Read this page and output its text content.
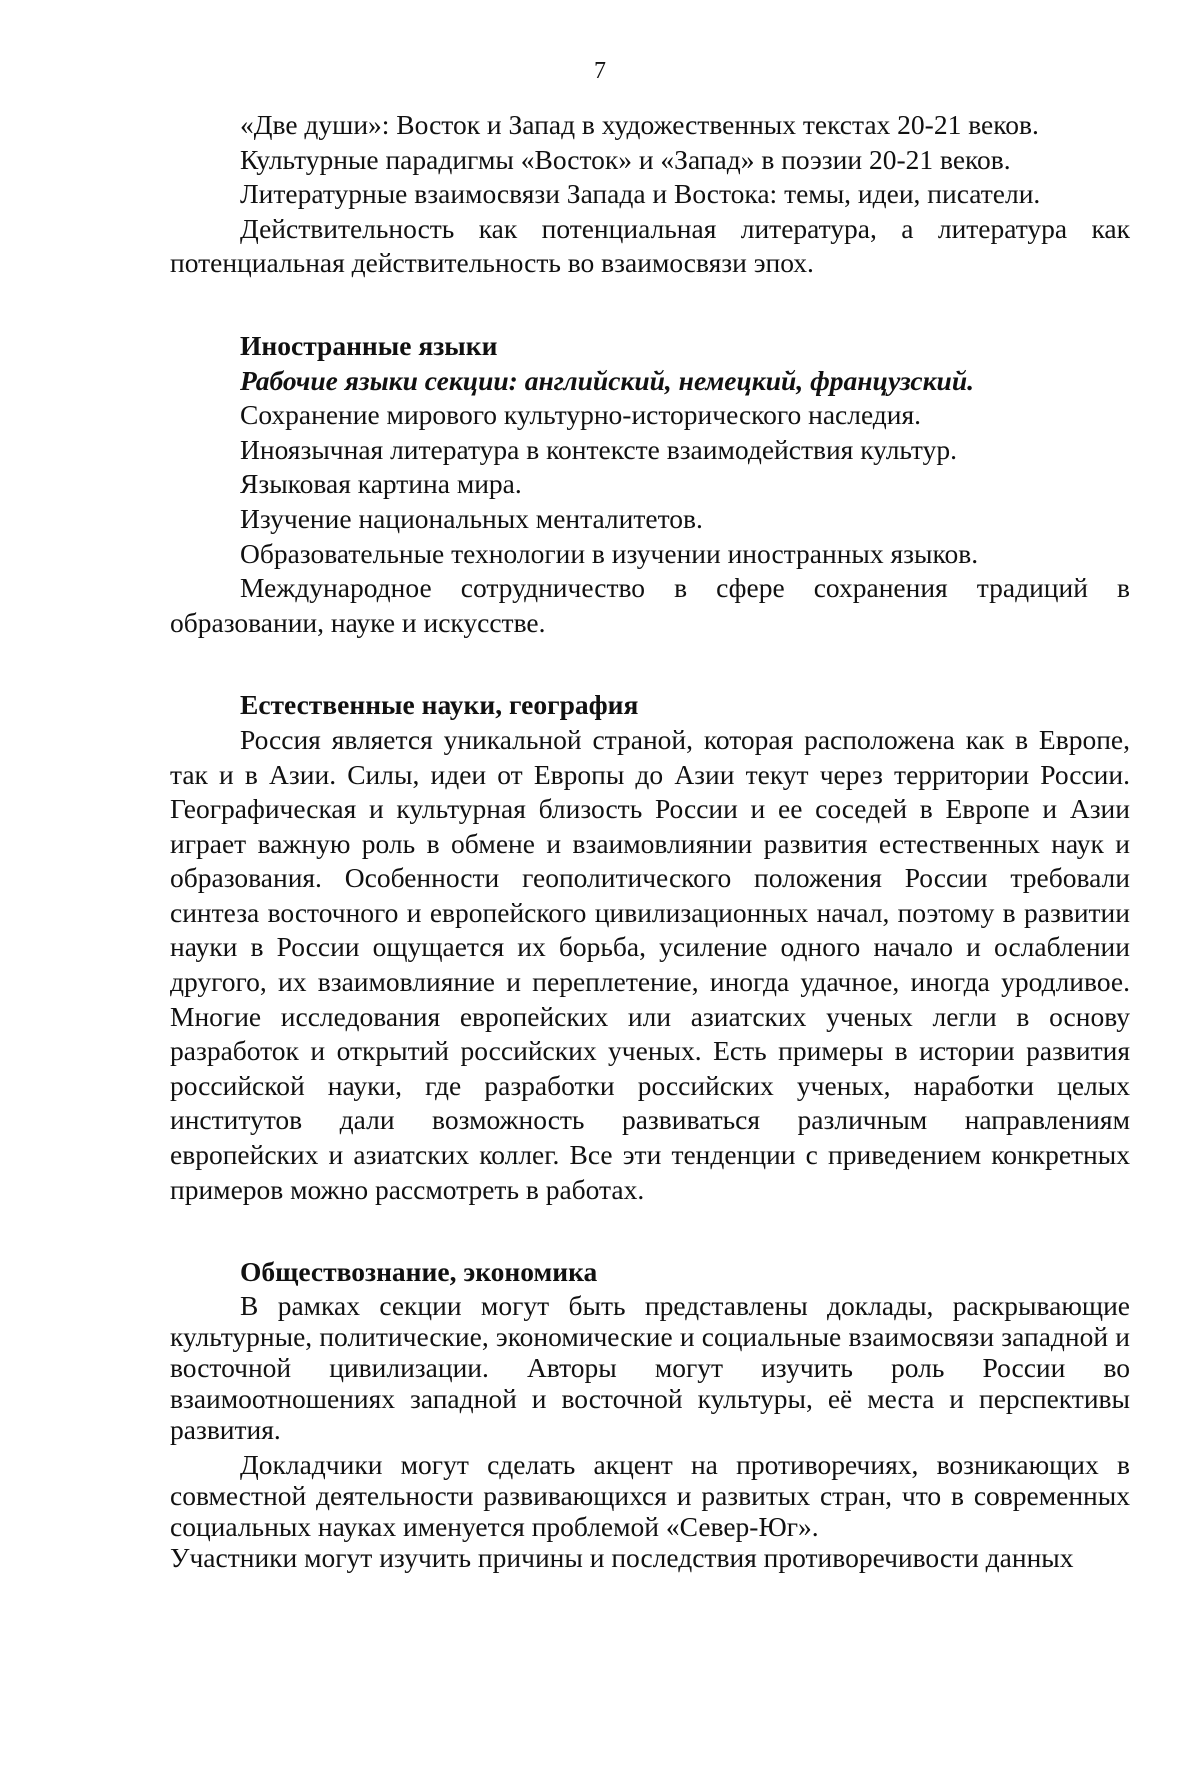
7
«Две души»: Восток и Запад в художественных текстах 20-21 веков.
Культурные парадигмы «Восток» и «Запад» в поэзии 20-21 веков.
Литературные взаимосвязи Запада и Востока: темы, идеи, писатели.

Действительность как потенциальная литература, а литература как потенциальная действительность во взаимосвязи эпох.

Иностранные языки
Рабочие языки секции: английский, немецкий, французский.
Сохранение мирового культурно-исторического наследия.
Иноязычная литература в контексте взаимодействия культур.
Языковая картина мира.
Изучение национальных менталитетов.
Образовательные технологии в изучении иностранных языков.

Международное сотрудничество в сфере сохранения традиций в образовании, науке и искусстве.

Естественные науки, география

Россия является уникальной страной, которая расположена как в Европе, так и в Азии. Силы, идеи от Европы до Азии текут через территории России. Географическая и культурная близость России и ее соседей в Европе и Азии играет важную роль в обмене и взаимовлиянии развития естественных наук и образования. Особенности геополитического положения России требовали синтеза восточного и европейского цивилизационных начал, поэтому в развитии науки в России ощущается их борьба, усиление одного начало и ослаблении другого, их взаимовлияние и переплетение, иногда удачное, иногда уродливое. Многие исследования европейских или азиатских ученых легли в основу разработок и открытий российских ученых. Есть примеры в истории развития российской науки, где разработки российских ученых, наработки целых институтов дали возможность развиваться различным направлениям европейских и азиатских коллег. Все эти тенденции с приведением конкретных примеров можно рассмотреть в работах.

Обществознание, экономика

В рамках секции могут быть представлены доклады, раскрывающие культурные, политические, экономические и социальные взаимосвязи западной и восточной цивилизации. Авторы могут изучить роль России во взаимоотношениях западной и восточной культуры, её места и перспективы развития.

Докладчики могут сделать акцент на противоречиях, возникающих в совместной деятельности развивающихся и развитых стран, что в современных социальных науках именуется проблемой «Север-Юг».

Участники могут изучить причины и последствия противоречивости данных
